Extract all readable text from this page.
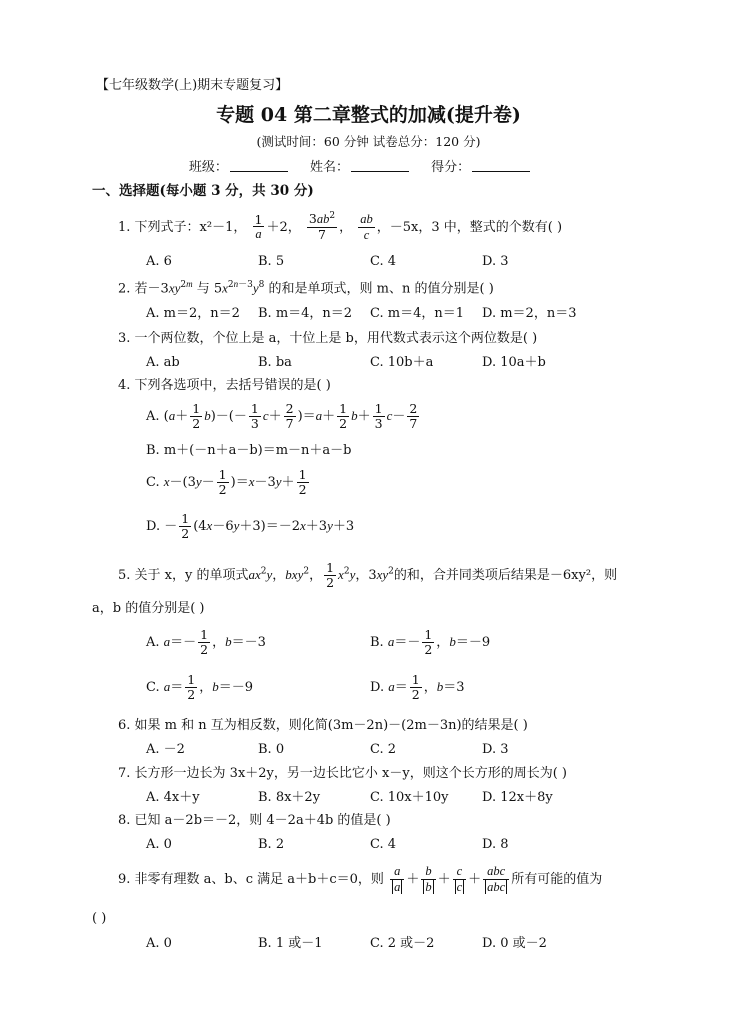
【七年级数学(上)期末专题复习】
专题 04 第二章整式的加减(提升卷)
(测试时间：60 分钟 试卷总分：120 分)
班级：	姓名：	得分：
一、选择题(每小题 3 分，共 30 分)
1. 下列式子：x²－1， $\frac{1}{a} +2$， $\frac{3ab^2}{7}$ ， $\frac{ab}{c}$ ，－5x，3 中，整式的个数有( )
A. 6	B. 5	C. 4	D. 3
2. 若$-3xy^{2m}$ 与 $5x^{2n-3}y^8$ 的和是单项式，则 m、n 的值分别是( )
A. m＝2，n＝2 B. m＝4，n＝2 C. m＝4，n＝1 D. m＝2，n＝3
3. 一个两位数，个位上是 a，十位上是 b，用代数式表示这个两位数是( )
A. ab	B. ba	C. 10b＋a	D. 10a＋b
4. 下列各选项中，去括号错误的是( )
A. $(a+ \frac{1}{2} b)-(- \frac{1}{3} c+ \frac{2}{7} )=a+ \frac{1}{2} b+ \frac{1}{3} c- \frac{2}{7}$
B. m＋(－n＋a－b)＝m－n＋a－b
C. $x-(3y- \frac{1}{2} )=x-3y+ \frac{1}{2}$
D. － $\frac{1}{2} (4x-6y+3)=-2x+3y+3$
5. 关于 x，y 的单项式$ax^2y$，bxy$^2$， $\frac{1}{2} x^2y$，$3xy^2$的和，合并同类项后结果是－6xy²，则
a，b 的值分别是( )
A. $a=- \frac{1}{2}$ ，b＝－3	B. $a=- \frac{1}{2}$ ，b＝－9
C. $a= \frac{1}{2}$ ，b＝－9	D. $a= \frac{1}{2}$ ，b＝3
6. 如果 m 和 n 互为相反数，则化简(3m－2n)－(2m－3n)的结果是( )
A. －2	B. 0	C. 2	D. 3
7. 长方形一边长为 3x＋2y，另一边长比它小 x－y，则这个长方形的周长为( )
A. 4x＋y	B. 8x＋2y	C. 10x＋10y	D. 12x＋8y
8. 已知 a－2b＝－2，则 4－2a＋4b 的值是( )
A. 0	B. 2	C. 4	D. 8
9. 非零有理数 a、b、c 满足 a＋b＋c＝0，则 $\frac{a}{a} + \frac{b}{b} + \frac{c}{c} + \frac{\text{abc}}{\text{abc}}$ 所有可能的值为
( )
A. 0	B. 1 或－1	C. 2 或－2	D. 0 或－2
